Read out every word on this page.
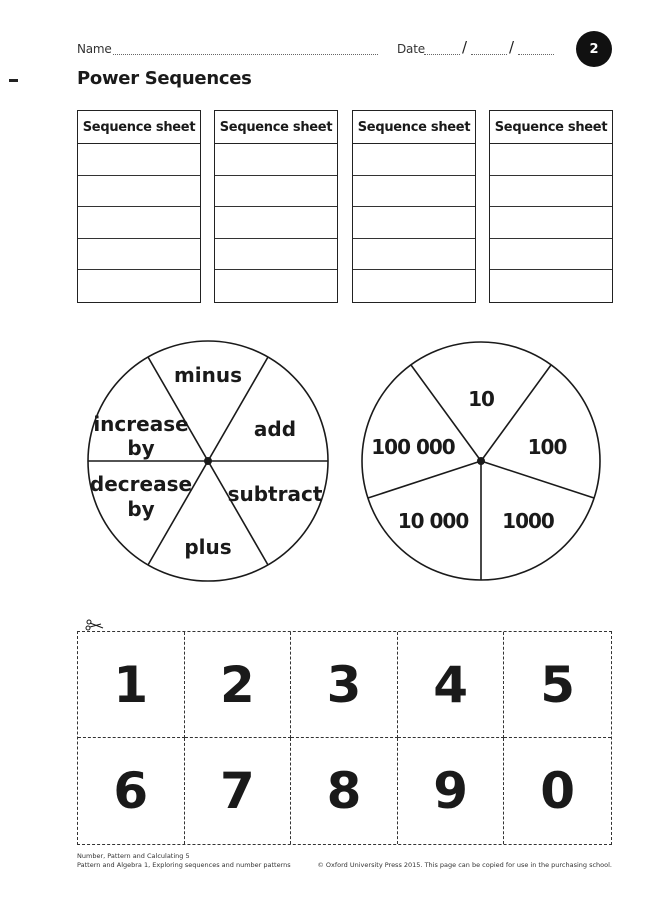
Name	Date /	/	2
Power Sequences
Sequence sheet	Sequence sheet	Sequence sheet	Sequence sheet
minus
add
subtract
plus
decrease
by
increase
by
10
100
1000
10 000
100 000
1	2	3	4	5
6	7	8	9	0
Number, Pattern and Calculating 5
Pattern and Algebra 1, Exploring sequences and number patterns	© Oxford University Press 2015. This page can be copied for use in the purchasing school.
